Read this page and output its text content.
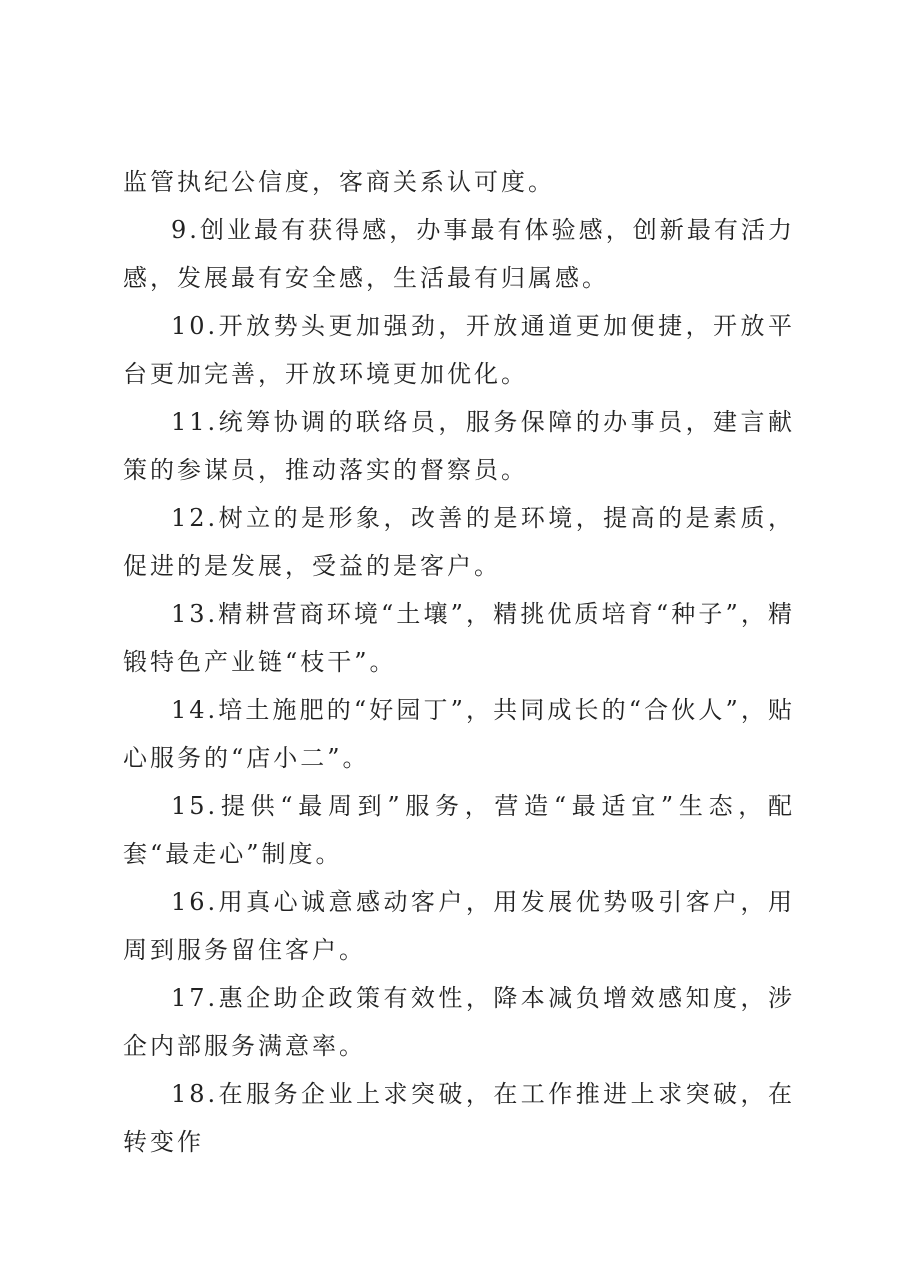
监管执纪公信度，客商关系认可度。

9.创业最有获得感，办事最有体验感，创新最有活力感，发展最有安全感，生活最有归属感。

10.开放势头更加强劲，开放通道更加便捷，开放平台更加完善，开放环境更加优化。

11.统筹协调的联络员，服务保障的办事员，建言献策的参谋员，推动落实的督察员。

12.树立的是形象，改善的是环境，提高的是素质，促进的是发展，受益的是客户。

13.精耕营商环境“土壤”，精挑优质培育“种子”，精锻特色产业链“枝干”。

14.培土施肥的“好园丁”，共同成长的“合伙人”，贴心服务的“店小二”。

15.提供“最周到”服务，营造“最适宜”生态，配套“最走心”制度。

16.用真心诚意感动客户，用发展优势吸引客户，用周到服务留住客户。

17.惠企助企政策有效性，降本减负增效感知度，涉企内部服务满意率。

18.在服务企业上求突破，在工作推进上求突破，在转变作
